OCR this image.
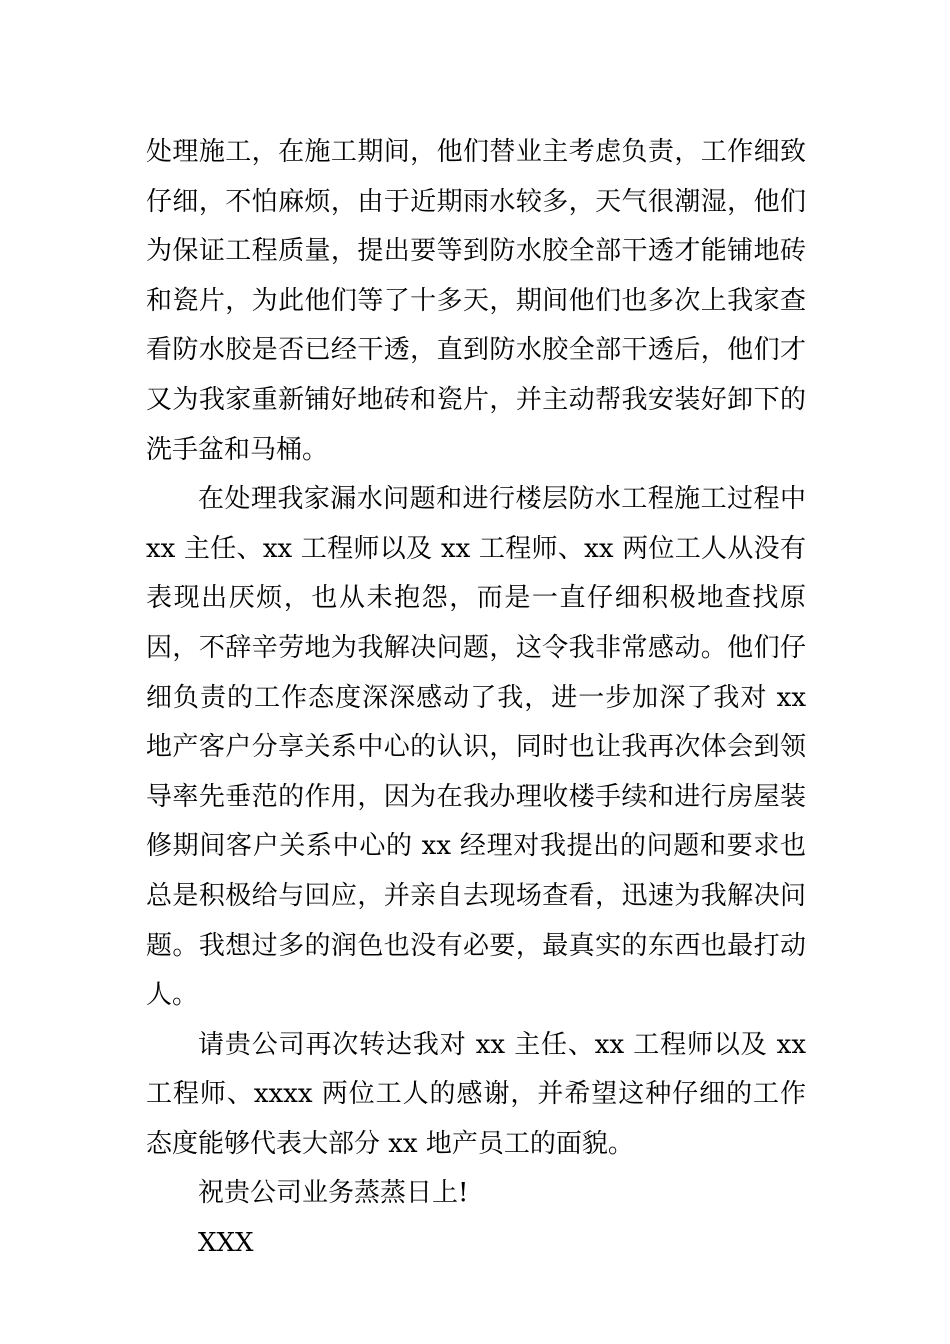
处理施工，在施工期间，他们替业主考虑负责，工作细致仔细，不怕麻烦，由于近期雨水较多，天气很潮湿，他们为保证工程质量，提出要等到防水胶全部干透才能铺地砖和瓷片，为此他们等了十多天，期间他们也多次上我家查看防水胶是否已经干透，直到防水胶全部干透后，他们才又为我家重新铺好地砖和瓷片，并主动帮我安装好卸下的洗手盆和马桶。

在处理我家漏水问题和进行楼层防水工程施工过程中 xx 主任、xx 工程师以及 xx 工程师、xx 两位工人从没有表现出厌烦，也从未抱怨，而是一直仔细积极地查找原因，不辞辛劳地为我解决问题，这令我非常感动。他们仔细负责的工作态度深深感动了我，进一步加深了我对 xx 地产客户分享关系中心的认识，同时也让我再次体会到领导率先垂范的作用，因为在我办理收楼手续和进行房屋装修期间客户关系中心的 xx 经理对我提出的问题和要求也总是积极给与回应，并亲自去现场查看，迅速为我解决问题。我想过多的润色也没有必要，最真实的东西也最打动人。

请贵公司再次转达我对 xx 主任、xx 工程师以及 xx 工程师、xxxx 两位工人的感谢，并希望这种仔细的工作态度能够代表大部分 xx 地产员工的面貌。

祝贵公司业务蒸蒸日上!

XXX
